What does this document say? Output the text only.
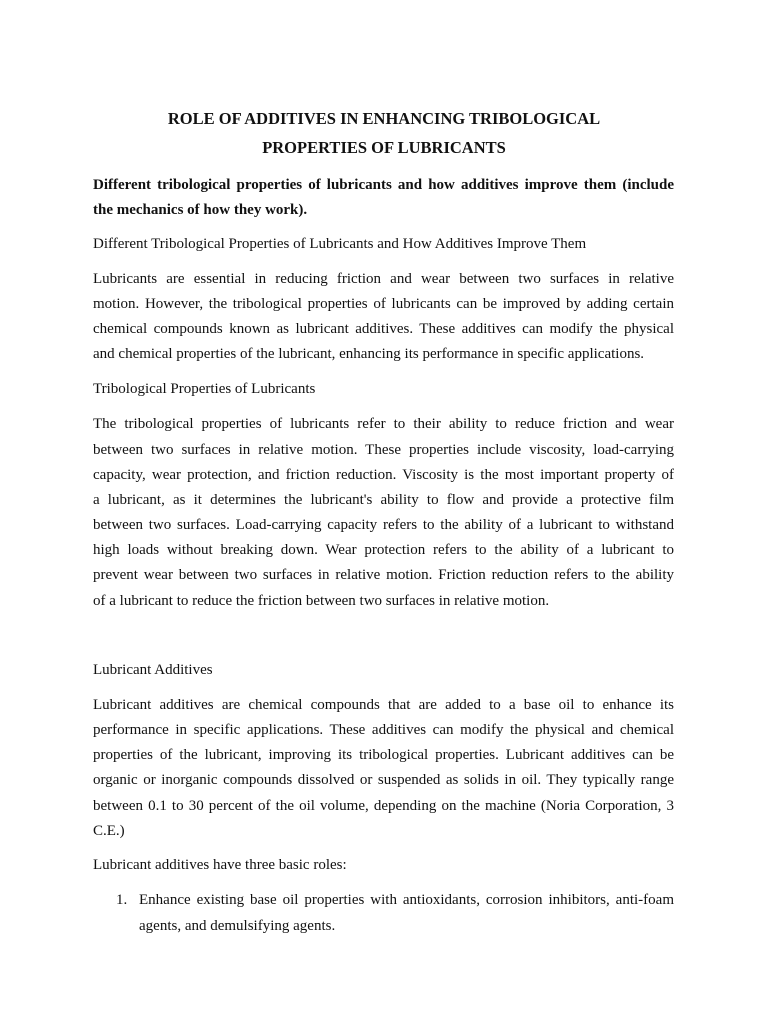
ROLE OF ADDITIVES IN ENHANCING TRIBOLOGICAL
PROPERTIES OF LUBRICANTS
Different tribological properties of lubricants and how additives improve them (include
the mechanics of how they work).
Different Tribological Properties of Lubricants and How Additives Improve Them
Lubricants are essential in reducing friction and wear between two surfaces in relative
motion. However, the tribological properties of lubricants can be improved by adding certain
chemical compounds known as lubricant additives. These additives can modify the physical
and chemical properties of the lubricant, enhancing its performance in specific applications.
Tribological Properties of Lubricants
The tribological properties of lubricants refer to their ability to reduce friction and wear
between two surfaces in relative motion. These properties include viscosity, load-carrying
capacity, wear protection, and friction reduction. Viscosity is the most important property of
a lubricant, as it determines the lubricant's ability to flow and provide a protective film
between two surfaces. Load-carrying capacity refers to the ability of a lubricant to withstand
high loads without breaking down. Wear protection refers to the ability of a lubricant to
prevent wear between two surfaces in relative motion. Friction reduction refers to the ability
of a lubricant to reduce the friction between two surfaces in relative motion.
Lubricant Additives
Lubricant additives are chemical compounds that are added to a base oil to enhance its
performance in specific applications. These additives can modify the physical and chemical
properties of the lubricant, improving its tribological properties. Lubricant additives can be
organic or inorganic compounds dissolved or suspended as solids in oil. They typically range
between 0.1 to 30 percent of the oil volume, depending on the machine (Noria Corporation, 3
C.E.)
Lubricant additives have three basic roles:
1. Enhance existing base oil properties with antioxidants, corrosion inhibitors, anti-foam
agents, and demulsifying agents.
